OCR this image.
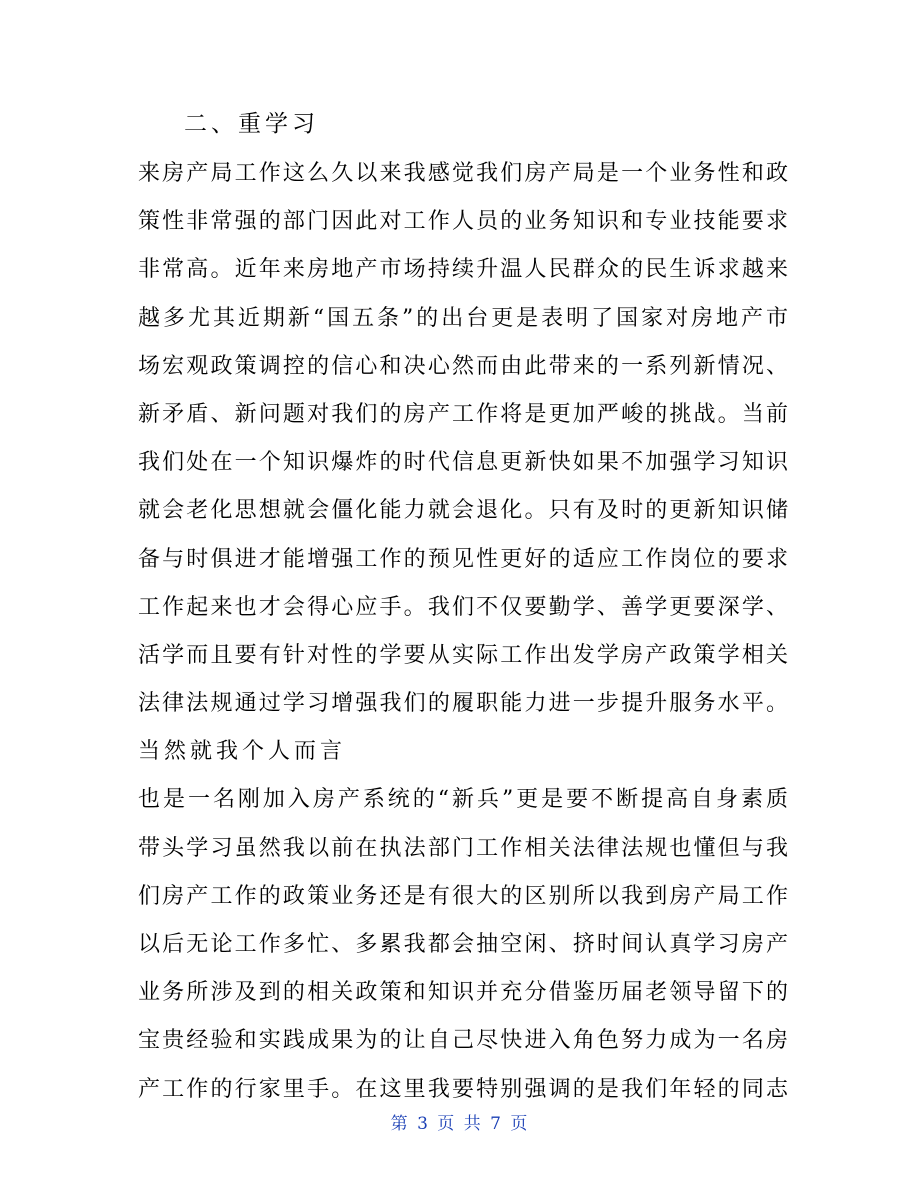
二、重学习
来房产局工作这么久以来我感觉我们房产局是一个业务性和政
策性非常强的部门因此对工作人员的业务知识和专业技能要求
非常高。近年来房地产市场持续升温人民群众的民生诉求越来
越多尤其近期新“国五条”的出台更是表明了国家对房地产市
场宏观政策调控的信心和决心然而由此带来的一系列新情况、
新矛盾、新问题对我们的房产工作将是更加严峻的挑战。当前
我们处在一个知识爆炸的时代信息更新快如果不加强学习知识
就会老化思想就会僵化能力就会退化。只有及时的更新知识储
备与时俱进才能增强工作的预见性更好的适应工作岗位的要求
工作起来也才会得心应手。我们不仅要勤学、善学更要深学、
活学而且要有针对性的学要从实际工作出发学房产政策学相关
法律法规通过学习增强我们的履职能力进一步提升服务水平。
当然就我个人而言
也是一名刚加入房产系统的“新兵”更是要不断提高自身素质
带头学习虽然我以前在执法部门工作相关法律法规也懂但与我
们房产工作的政策业务还是有很大的区别所以我到房产局工作
以后无论工作多忙、多累我都会抽空闲、挤时间认真学习房产
业务所涉及到的相关政策和知识并充分借鉴历届老领导留下的
宝贵经验和实践成果为的让自己尽快进入角色努力成为一名房
产工作的行家里手。在这里我要特别强调的是我们年轻的同志
第 3 页 共 7 页
